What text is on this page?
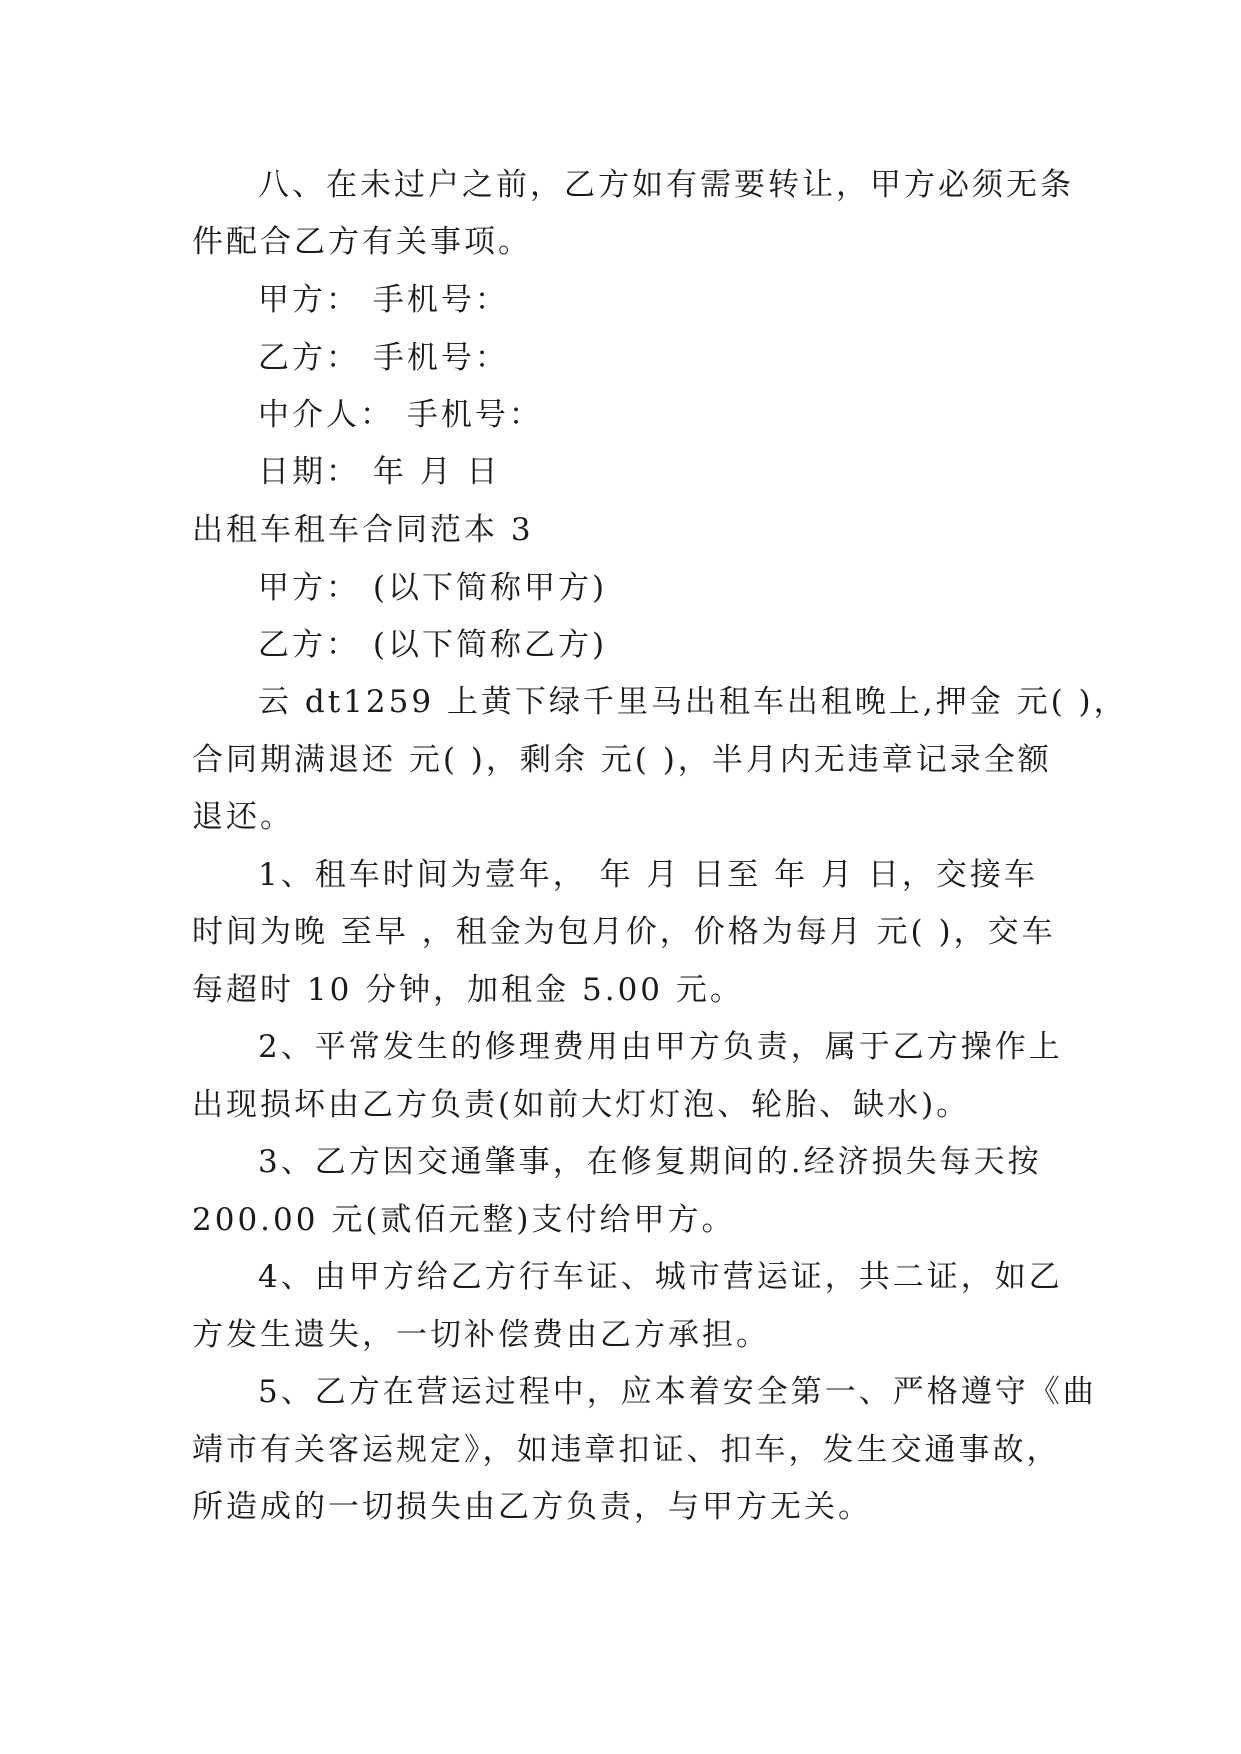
八、在未过户之前，乙方如有需要转让，甲方必须无条
件配合乙方有关事项。
甲方： 手机号：
乙方： 手机号：
中介人： 手机号：
日期： 年 月 日
出租车租车合同范本 3
甲方： (以下简称甲方)
乙方： (以下简称乙方)
云 dt1259 上黄下绿千里马出租车出租晚上,押金 元( )，
合同期满退还 元( )，剩余 元( )，半月内无违章记录全额
退还。
1、租车时间为壹年， 年 月 日至 年 月 日，交接车
时间为晚 至早 ，租金为包月价，价格为每月 元( )，交车
每超时 10 分钟，加租金 5.00 元。
2、平常发生的修理费用由甲方负责，属于乙方操作上
出现损坏由乙方负责(如前大灯灯泡、轮胎、缺水)。
3、乙方因交通肇事，在修复期间的.经济损失每天按
200.00 元(贰佰元整)支付给甲方。
4、由甲方给乙方行车证、城市营运证，共二证，如乙
方发生遗失，一切补偿费由乙方承担。
5、乙方在营运过程中，应本着安全第一、严格遵守《曲
靖市有关客运规定》，如违章扣证、扣车，发生交通事故，
所造成的一切损失由乙方负责，与甲方无关。
